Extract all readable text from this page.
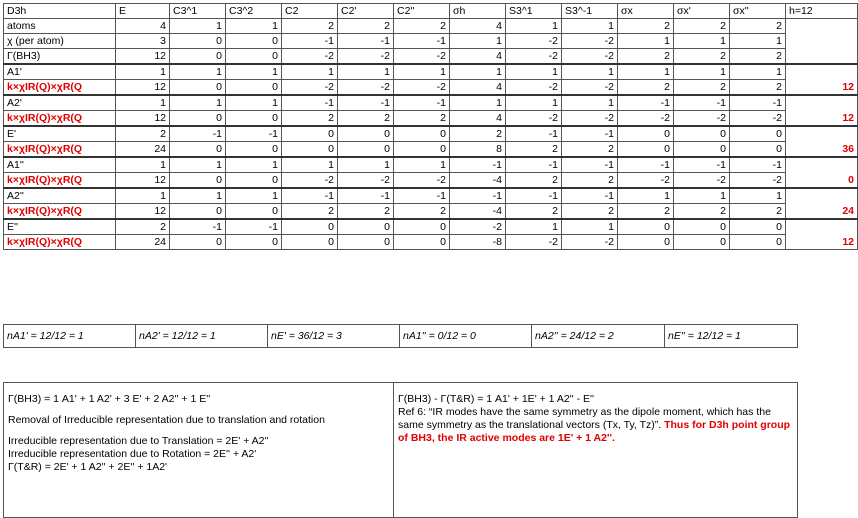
D3h	E	C3^1	C3^2	C2	C2'	C2''	σh	S3^1	S3^-1	σx	σx'	σx''	h=12
atoms	4	1	1	2	2	2	4	1	1	2	2	2	
χ (per atom)	3	0	0	-1	-1	-1	1	-2	-2	1	1	1	
Γ(BH3)	12	0	0	-2	-2	-2	4	-2	-2	2	2	2	
A1'	1	1	1	1	1	1	1	1	1	1	1	1	
k×χIR(Q)×χR(Q	12	0	0	-2	-2	-2	4	-2	-2	2	2	2	12
A2'	1	1	1	-1	-1	-1	1	1	1	-1	-1	-1	
k×χIR(Q)×χR(Q	12	0	0	2	2	2	4	-2	-2	-2	-2	-2	12
E'	2	-1	-1	0	0	0	2	-1	-1	0	0	0	
k×χIR(Q)×χR(Q	24	0	0	0	0	0	8	2	2	0	0	0	36
A1''	1	1	1	1	1	1	-1	-1	-1	-1	-1	-1	
k×χIR(Q)×χR(Q	12	0	0	-2	-2	-2	-4	2	2	-2	-2	-2	0
A2''	1	1	1	-1	-1	-1	-1	-1	-1	1	1	1	
k×χIR(Q)×χR(Q	12	0	0	2	2	2	-4	2	2	2	2	2	24
E''	2	-1	-1	0	0	0	-2	1	1	0	0	0	
k×χIR(Q)×χR(Q	24	0	0	0	0	0	-8	-2	-2	0	0	0	12
nA1' = 12/12 = 1	nA2' = 12/12 = 1	nE' = 36/12 = 3	nA1'' = 0/12 = 0	nA2'' = 24/12 = 2	nE'' = 12/12 = 1

Γ(BH3) = 1 A1' + 1 A2' + 3 E' + 2 A2'' + 1 E''

Removal of Irreducible representation due to translation and rotation

Irreducible representation due to Translation = 2E' + A2''

Irreducible representation due to Rotation = 2E'' + A2'

Γ(T&R) = 2E' + 1 A2'' + 2E'' + 1A2'

Γ(BH3) - Γ(T&R) = 1 A1' + 1E' + 1 A2'' - E''

Ref 6: “IR modes have the same symmetry as the dipole moment, which has the same symmetry as the translational vectors (Tx, Ty, Tz)”. Thus for D3h point group of BH3, the IR active modes are 1E' + 1 A2''.
